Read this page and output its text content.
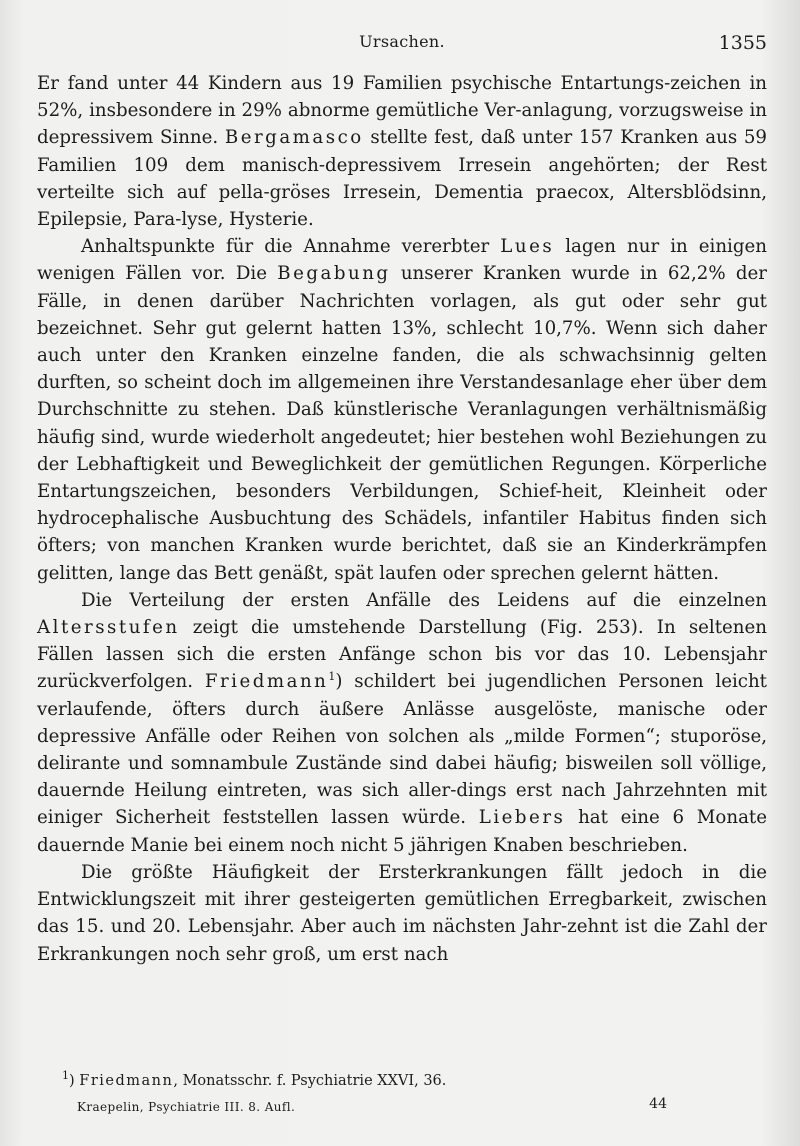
Ursachen.	1355

Er fand unter 44 Kindern aus 19 Familien psychische Entartungs-zeichen in 52%, insbesondere in 29% abnorme gemütliche Ver-anlagung, vorzugsweise in depressivem Sinne. Bergamasco stellte fest, daß unter 157 Kranken aus 59 Familien 109 dem manisch-depressivem Irresein angehörten; der Rest verteilte sich auf pella-gröses Irresein, Dementia praecox, Altersblödsinn, Epilepsie, Para-lyse, Hysterie.

Anhaltspunkte für die Annahme vererbter Lues lagen nur in einigen wenigen Fällen vor. Die Begabung unserer Kranken wurde in 62,2% der Fälle, in denen darüber Nachrichten vorlagen, als gut oder sehr gut bezeichnet. Sehr gut gelernt hatten 13%, schlecht 10,7%. Wenn sich daher auch unter den Kranken einzelne fanden, die als schwachsinnig gelten durften, so scheint doch im allgemeinen ihre Verstandesanlage eher über dem Durchschnitte zu stehen. Daß künstlerische Veranlagungen verhältnismäßig häufig sind, wurde wiederholt angedeutet; hier bestehen wohl Beziehungen zu der Lebhaftigkeit und Beweglichkeit der gemütlichen Regungen. Körperliche Entartungszeichen, besonders Verbildungen, Schief-heit, Kleinheit oder hydrocephalische Ausbuchtung des Schädels, infantiler Habitus finden sich öfters; von manchen Kranken wurde berichtet, daß sie an Kinderkrämpfen gelitten, lange das Bett genäßt, spät laufen oder sprechen gelernt hätten.

Die Verteilung der ersten Anfälle des Leidens auf die einzelnen Altersstufen zeigt die umstehende Darstellung (Fig. 253). In seltenen Fällen lassen sich die ersten Anfänge schon bis vor das 10. Lebensjahr zurückverfolgen. Friedmann$^1$) schildert bei jugendlichen Personen leicht verlaufende, öfters durch äußere Anlässe ausgelöste, manische oder depressive Anfälle oder Reihen von solchen als „milde Formen“; stuporöse, delirante und somnambule Zustände sind dabei häufig; bisweilen soll völlige, dauernde Heilung eintreten, was sich aller-dings erst nach Jahrzehnten mit einiger Sicherheit feststellen lassen würde. Liebers hat eine 6 Monate dauernde Manie bei einem noch nicht 5 jährigen Knaben beschrieben.

Die größte Häufigkeit der Ersterkrankungen fällt jedoch in die Entwicklungszeit mit ihrer gesteigerten gemütlichen Erregbarkeit, zwischen das 15. und 20. Lebensjahr. Aber auch im nächsten Jahr-zehnt ist die Zahl der Erkrankungen noch sehr groß, um erst nach

$^1$) Friedmann, Monatsschr. f. Psychiatrie XXVI, 36.
Kraepelin, Psychiatrie III. 8. Aufl.	44
